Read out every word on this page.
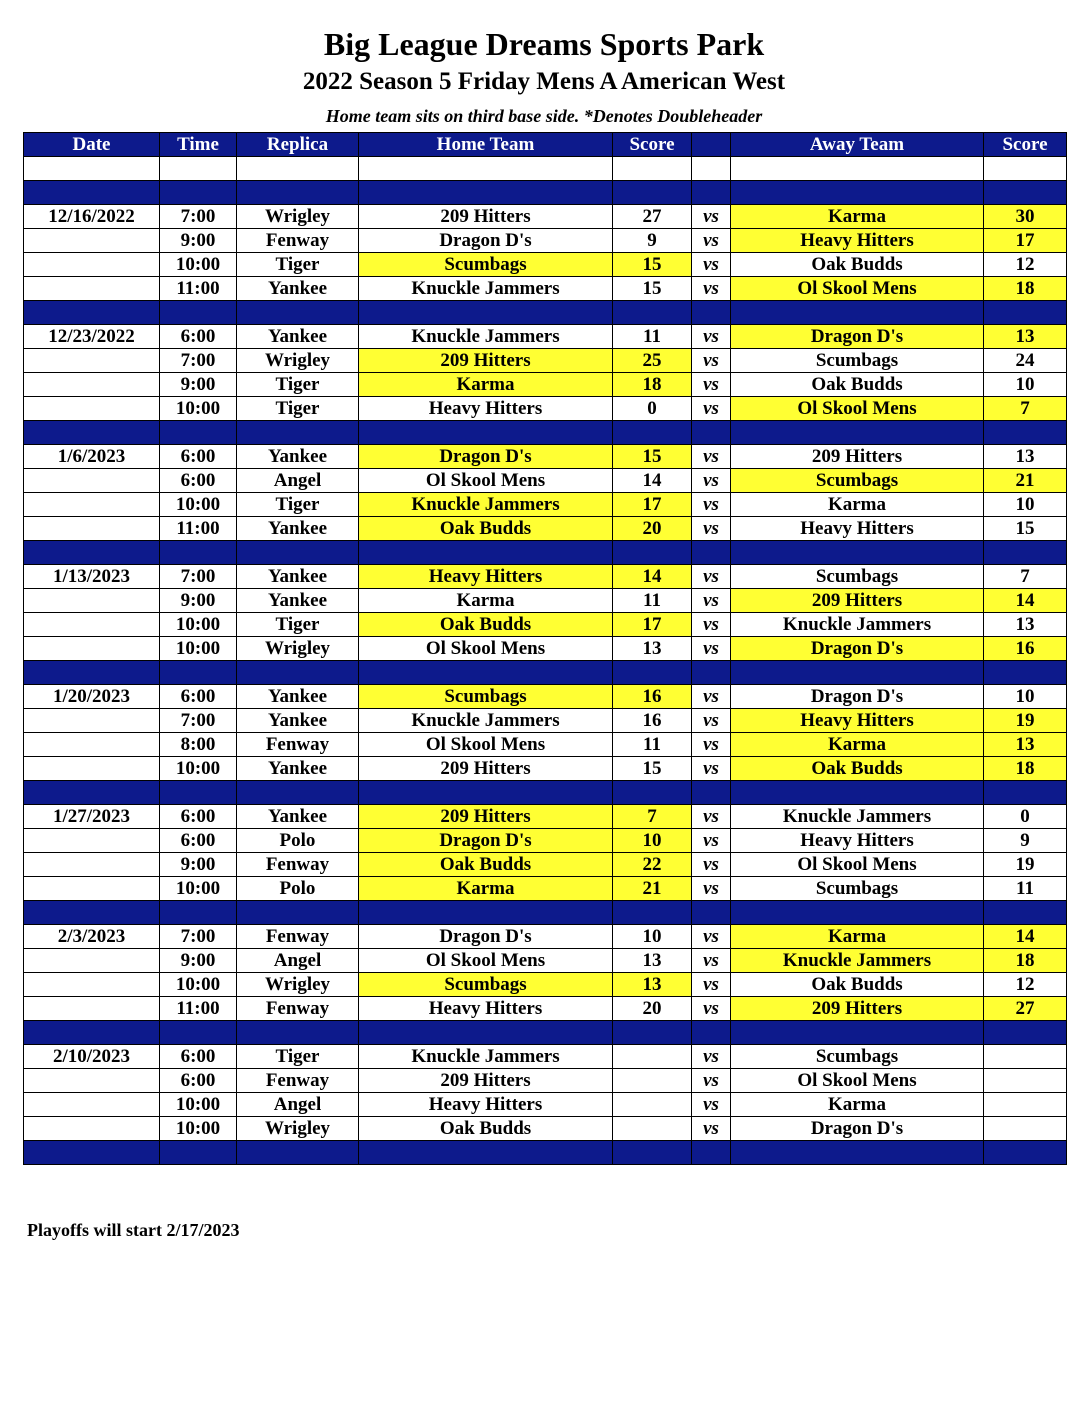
Big League Dreams Sports Park
2022 Season 5 Friday Mens A American West
Home team sits on third base side. *Denotes Doubleheader
Date	Time	Replica	Home Team	Score		Away Team	Score

12/16/2022	7:00	Wrigley	209 Hitters	27	vs	Karma	30
	9:00	Fenway	Dragon D's	9	vs	Heavy Hitters	17
	10:00	Tiger	Scumbags	15	vs	Oak Budds	12
	11:00	Yankee	Knuckle Jammers	15	vs	Ol Skool Mens	18

12/23/2022	6:00	Yankee	Knuckle Jammers	11	vs	Dragon D's	13
	7:00	Wrigley	209 Hitters	25	vs	Scumbags	24
	9:00	Tiger	Karma	18	vs	Oak Budds	10
	10:00	Tiger	Heavy Hitters	0	vs	Ol Skool Mens	7

1/6/2023	6:00	Yankee	Dragon D's	15	vs	209 Hitters	13
	6:00	Angel	Ol Skool Mens	14	vs	Scumbags	21
	10:00	Tiger	Knuckle Jammers	17	vs	Karma	10
	11:00	Yankee	Oak Budds	20	vs	Heavy Hitters	15

1/13/2023	7:00	Yankee	Heavy Hitters	14	vs	Scumbags	7
	9:00	Yankee	Karma	11	vs	209 Hitters	14
	10:00	Tiger	Oak Budds	17	vs	Knuckle Jammers	13
	10:00	Wrigley	Ol Skool Mens	13	vs	Dragon D's	16

1/20/2023	6:00	Yankee	Scumbags	16	vs	Dragon D's	10
	7:00	Yankee	Knuckle Jammers	16	vs	Heavy Hitters	19
	8:00	Fenway	Ol Skool Mens	11	vs	Karma	13
	10:00	Yankee	209 Hitters	15	vs	Oak Budds	18

1/27/2023	6:00	Yankee	209 Hitters	7	vs	Knuckle Jammers	0
	6:00	Polo	Dragon D's	10	vs	Heavy Hitters	9
	9:00	Fenway	Oak Budds	22	vs	Ol Skool Mens	19
	10:00	Polo	Karma	21	vs	Scumbags	11

2/3/2023	7:00	Fenway	Dragon D's	10	vs	Karma	14
	9:00	Angel	Ol Skool Mens	13	vs	Knuckle Jammers	18
	10:00	Wrigley	Scumbags	13	vs	Oak Budds	12
	11:00	Fenway	Heavy Hitters	20	vs	209 Hitters	27

2/10/2023	6:00	Tiger	Knuckle Jammers		vs	Scumbags	
	6:00	Fenway	209 Hitters		vs	Ol Skool Mens	
	10:00	Angel	Heavy Hitters		vs	Karma	
	10:00	Wrigley	Oak Budds		vs	Dragon D's	

Playoffs will start 2/17/2023
